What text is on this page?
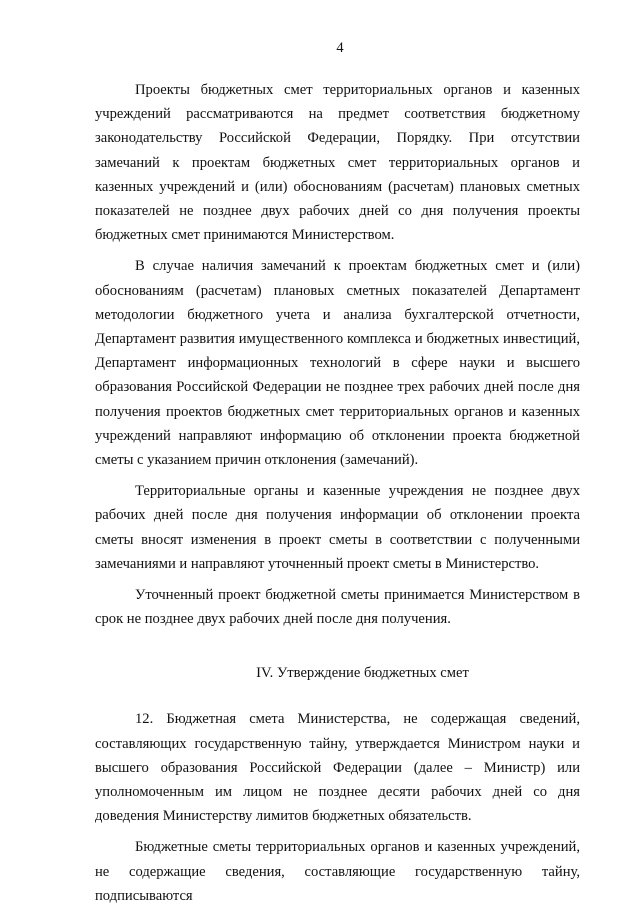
4

Проекты бюджетных смет территориальных органов и казенных учреждений рассматриваются на предмет соответствия бюджетному законодательству Российской Федерации, Порядку. При отсутствии замечаний к проектам бюджетных смет территориальных органов и казенных учреждений и (или) обоснованиям (расчетам) плановых сметных показателей не позднее двух рабочих дней со дня получения проекты бюджетных смет принимаются Министерством.

В случае наличия замечаний к проектам бюджетных смет и (или) обоснованиям (расчетам) плановых сметных показателей Департамент методологии бюджетного учета и анализа бухгалтерской отчетности, Департамент развития имущественного комплекса и бюджетных инвестиций, Департамент информационных технологий в сфере науки и высшего образования Российской Федерации не позднее трех рабочих дней после дня получения проектов бюджетных смет территориальных органов и казенных учреждений направляют информацию об отклонении проекта бюджетной сметы с указанием причин отклонения (замечаний).

Территориальные органы и казенные учреждения не позднее двух рабочих дней после дня получения информации об отклонении проекта сметы вносят изменения в проект сметы в соответствии с полученными замечаниями и направляют уточненный проект сметы в Министерство.

Уточненный проект бюджетной сметы принимается Министерством в срок не позднее двух рабочих дней после дня получения.

IV. Утверждение бюджетных смет

12. Бюджетная смета Министерства, не содержащая сведений, составляющих государственную тайну, утверждается Министром науки и высшего образования Российской Федерации (далее – Министр) или уполномоченным им лицом не позднее десяти рабочих дней со дня доведения Министерству лимитов бюджетных обязательств.

Бюджетные сметы территориальных органов и казенных учреждений, не содержащие сведения, составляющие государственную тайну, подписываются
